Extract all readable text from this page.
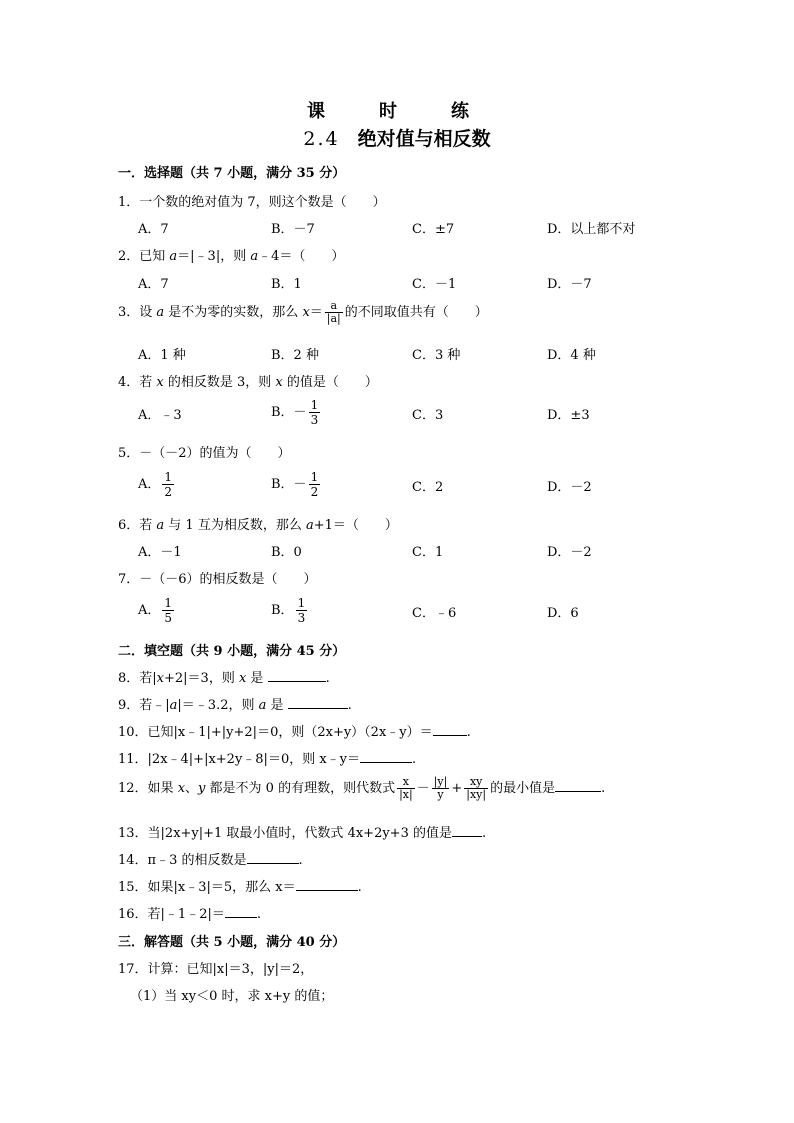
课　时　练
2.4 绝对值与相反数
一．选择题（共 7 小题，满分 35 分）
1．一个数的绝对值为 7，则这个数是（　　）
A．7	B．－7	C．±7	D．以上都不对
2．已知 a＝|﹣3|，则 a﹣4＝（　　）
A．7	B．1	C．－1	D．－7
3．设 a 是不为零的实数，那么 $x= \frac{a}{|a|}$ 的不同取值共有（　　）
A．1 种	B．2 种	C．3 种	D．4 种
4．若 x 的相反数是 3，则 x 的值是（　　）
A．﹣3	B．－ $\frac{1}{3}$	C．3	D．±3
5．－（－2）的值为（　　）
A． $\frac{1}{2}$	B．－ $\frac{1}{2}$	C．2	D．－2
6．若 a 与 1 互为相反数，那么 a+1＝（　　）
A．－1	B．0	C．1	D．－2
7．－（－6）的相反数是（　　）
A． $\frac{1}{5}$	B． $\frac{1}{3}$	C．﹣6	D．6
二．填空题（共 9 小题，满分 45 分）
8．若|x+2|＝3，则 x 是	.
9．若﹣|a|＝﹣3.2，则 a 是	.
10．已知|x﹣1|+|y+2|＝0，则（2x+y）（2x﹣y）＝	.
11．|2x﹣4|+|x+2y﹣8|＝0，则 x﹣y＝	.
12．如果 x、y 都是不为 0 的有理数，则代数式 $\frac{x}{|x|} - \frac{|y|}{y} + \frac{xy}{|xy|}$ 的最小值是	.
13．当|2x+y|+1 取最小值时，代数式 4x+2y+3 的值是 .
14．π﹣3 的相反数是	.
15．如果|x﹣3|＝5，那么 x＝	.
16．若|﹣1﹣2|＝ .
三．解答题（共 5 小题，满分 40 分）
17．计算：已知|x|＝3，|y|＝2，
（1）当 xy＜0 时，求 x+y 的值；
